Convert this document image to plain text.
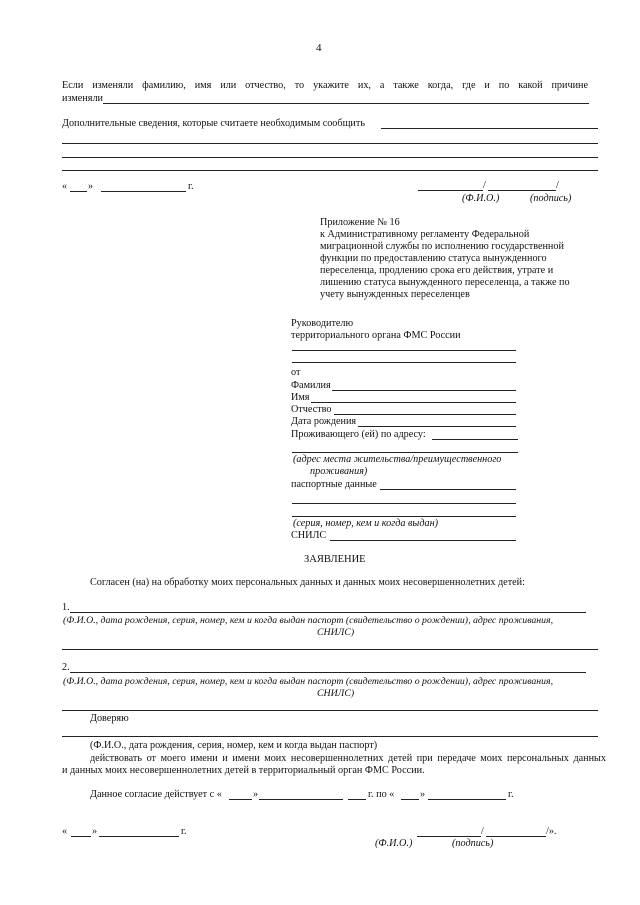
4
Если изменяли фамилию, имя или отчество, то укажите их, а также когда, где и по какой причине
изменяли
Дополнительные сведения, которые считаете необходимым сообщить
« »	г.	/	/
(Ф.И.О.)	(подпись)
Приложение № 16
к Административному регламенту Федеральной
миграционной службы по исполнению государственной
функции по предоставлению статуса вынужденного
переселенца, продлению срока его действия, утрате и
лишению статуса вынужденного переселенца, а также по
учету вынужденных переселенцев
Руководителю
территориального органа ФМС России
от
Фамилия
Имя
Отчество
Дата рождения
Проживающего (ей) по адресу:
(адрес места жительства/преимущественного
проживания)
паспортные данные
(серия, номер, кем и когда выдан)
СНИЛС
ЗАЯВЛЕНИЕ
Согласен (на) на обработку моих персональных данных и данных моих несовершеннолетних детей:
1.
(Ф.И.О., дата рождения, серия, номер, кем и когда выдан паспорт (свидетельство о рождении), адрес проживания,
СНИЛС)
2.
(Ф.И.О., дата рождения, серия, номер, кем и когда выдан паспорт (свидетельство о рождении), адрес проживания,
СНИЛС)
Доверяю
(Ф.И.О., дата рождения, серия, номер, кем и когда выдан паспорт)
действовать от моего имени и имени моих несовершеннолетних детей при передаче моих персональных данных
и данных моих несовершеннолетних детей в территориальный орган ФМС России.
Данное согласие действует с «	»	г. по «	»	г.
« »	г.	/	/».
(Ф.И.О.)	(подпись)
